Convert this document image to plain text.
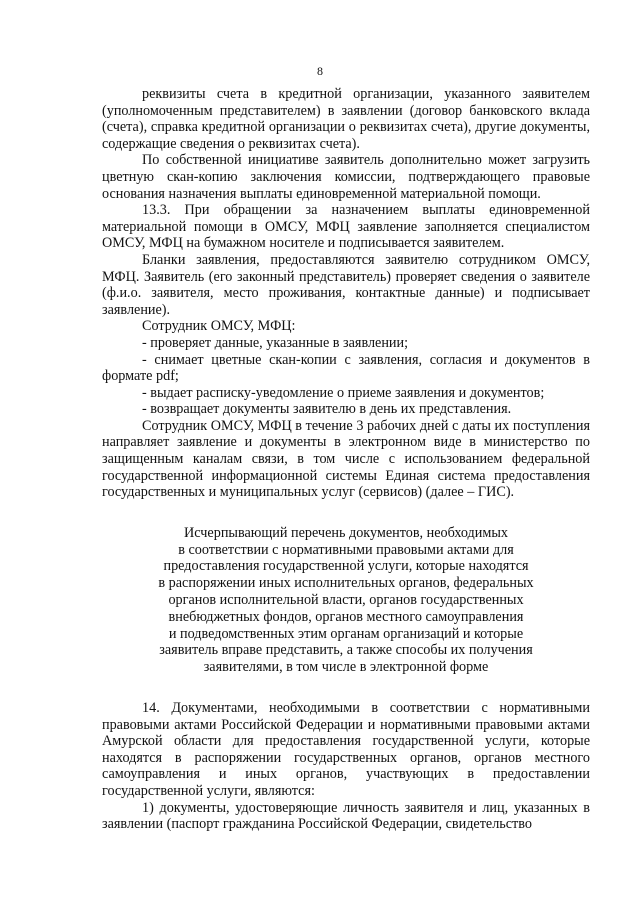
8

реквизиты счета в кредитной организации, указанного заявителем (уполномоченным представителем) в заявлении (договор банковского вклада (счета), справка кредитной организации о реквизитах счета), другие документы, содержащие сведения о реквизитах счета).

По собственной инициативе заявитель дополнительно может загрузить цветную скан-копию заключения комиссии, подтверждающего правовые основания назначения выплаты единовременной материальной помощи.

13.3. При обращении за назначением выплаты единовременной материальной помощи в ОМСУ, МФЦ заявление заполняется специалистом ОМСУ, МФЦ на бумажном носителе и подписывается заявителем.

Бланки заявления, предоставляются заявителю сотрудником ОМСУ, МФЦ. Заявитель (его законный представитель) проверяет сведения о заявителе (ф.и.о. заявителя, место проживания, контактные данные) и подписывает заявление).

Сотрудник ОМСУ, МФЦ:

- проверяет данные, указанные в заявлении;

- снимает цветные скан-копии с заявления, согласия и документов в формате pdf;

- выдает расписку-уведомление о приеме заявления и документов;

- возвращает документы заявителю в день их представления.

Сотрудник ОМСУ, МФЦ в течение 3 рабочих дней с даты их поступления направляет заявление и документы в электронном виде в министерство по защищенным каналам связи, в том числе с использованием федеральной государственной информационной системы Единая система предоставления государственных и муниципальных услуг (сервисов) (далее – ГИС).

Исчерпывающий перечень документов, необходимых
в соответствии с нормативными правовыми актами для
предоставления государственной услуги, которые находятся
в распоряжении иных исполнительных органов, федеральных
органов исполнительной власти, органов государственных
внебюджетных фондов, органов местного самоуправления
и подведомственных этим органам организаций и которые
заявитель вправе представить, а также способы их получения
заявителями, в том числе в электронной форме

14. Документами, необходимыми в соответствии с нормативными правовыми актами Российской Федерации и нормативными правовыми актами Амурской области для предоставления государственной услуги, которые находятся в распоряжении государственных органов, органов местного самоуправления и иных органов, участвующих в предоставлении государственной услуги, являются:

1) документы, удостоверяющие личность заявителя и лиц, указанных в заявлении (паспорт гражданина Российской Федерации, свидетельство
